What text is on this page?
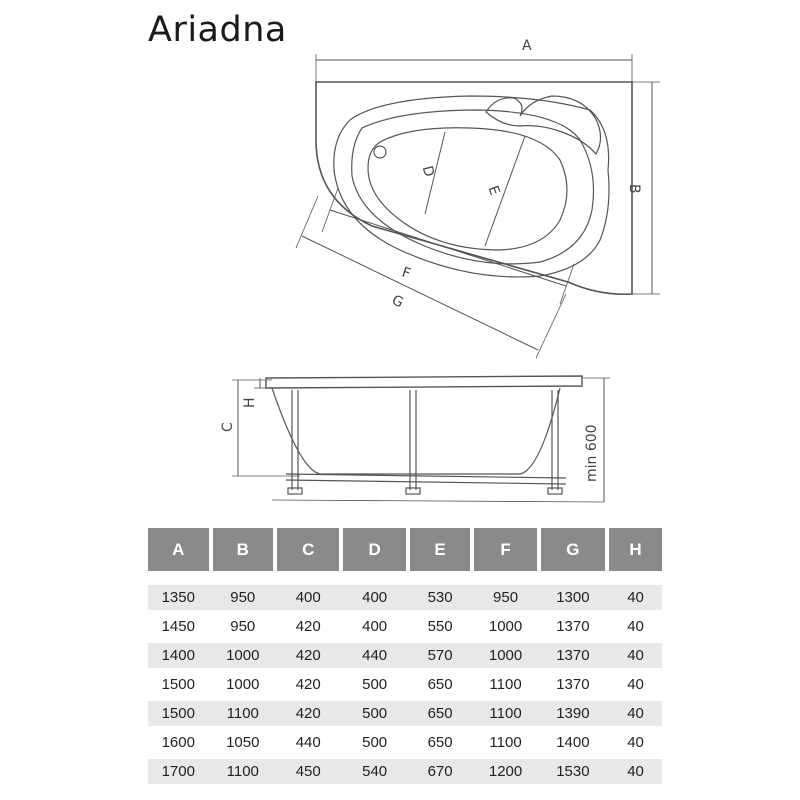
Ariadna	A
B
D
E
F
G
C
H
min 600
A	B	C	D	E	F	G	H
1350	950	400	400	530	950	1300	40
1450	950	420	400	550	1000	1370	40
1400	1000	420	440	570	1000	1370	40
1500	1000	420	500	650	1100	1370	40
1500	1100	420	500	650	1100	1390	40
1600	1050	440	500	650	1100	1400	40
1700	1100	450	540	670	1200	1530	40
